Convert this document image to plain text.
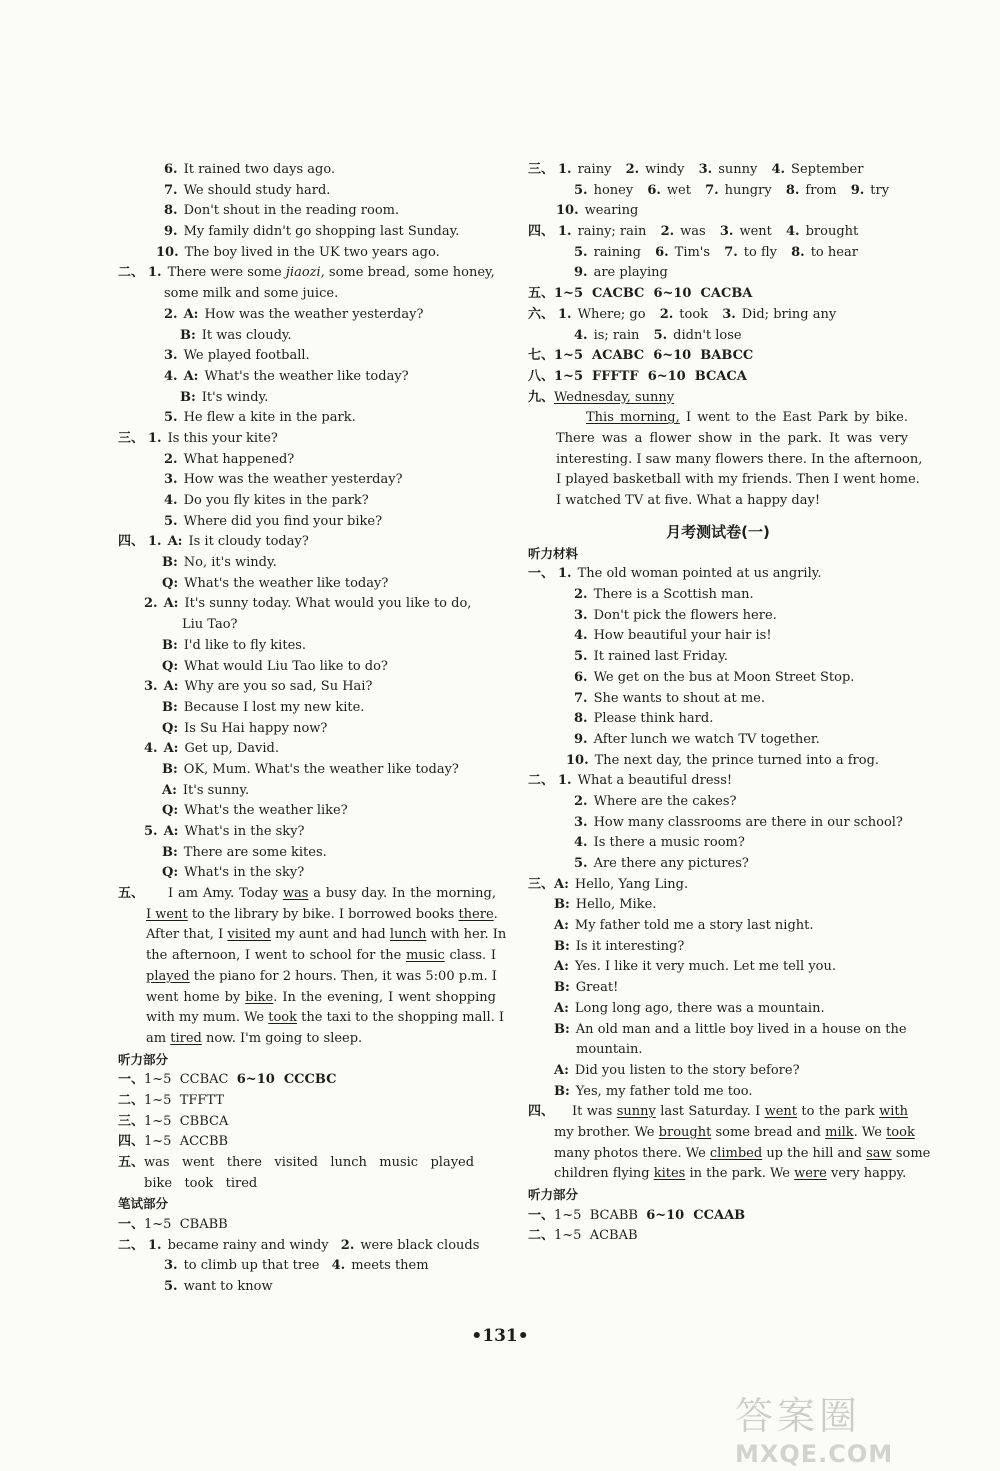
6. It rained two days ago.
7. We should study hard.
8. Don't shout in the reading room.
9. My family didn't go shopping last Sunday.
10. The boy lived in the UK two years ago.
二、 1. There were some jiaozi, some bread, some honey,
some milk and some juice.
2. A: How was the weather yesterday?
B: It was cloudy.
3. We played football.
4. A: What's the weather like today?
B: It's windy.
5. He flew a kite in the park.
三、 1. Is this your kite?
2. What happened?
3. How was the weather yesterday?
4. Do you fly kites in the park?
5. Where did you find your bike?
四、 1. A: Is it cloudy today?
B: No, it's windy.
Q: What's the weather like today?
2. A: It's sunny today. What would you like to do,
Liu Tao?
B: I'd like to fly kites.
Q: What would Liu Tao like to do?
3. A: Why are you so sad, Su Hai?
B: Because I lost my new kite.
Q: Is Su Hai happy now?
4. A: Get up, David.
B: OK, Mum. What's the weather like today?
A: It's sunny.
Q: What's the weather like?
5. A: What's in the sky?
B: There are some kites.
Q: What's in the sky?
五、 I am Amy. Today was a busy day. In the morning,
I went to the library by bike. I borrowed books there.
After that, I visited my aunt and had lunch with her. In
the afternoon, I went to school for the music class. I
played the piano for 2 hours. Then, it was 5:00 p.m. I
went home by bike. In the evening, I went shopping
with my mum. We took the taxi to the shopping mall. I
am tired now. I'm going to sleep.
听力部分
一、 1~5  CCBAC  6~10  CCCBC
二、 1~5  TFFTT
三、 1~5  CBBCA
四、 1~5  ACCBB
五、 was   went   there   visited   lunch   music   played
bike   took   tired
笔试部分
一、 1~5  CBABB
二、 1. became rainy and windy 2. were black clouds
3. to climb up that tree 4. meets them
5. want to know
三、 1. rainy 2. windy 3. sunny 4. September
5. honey 6. wet 7. hungry 8. from 9. try
10. wearing
四、 1. rainy; rain 2. was 3. went 4. brought
5. raining 6. Tim's 7. to fly 8. to hear
9. are playing
五、 1~5  CACBC  6~10  CACBA
六、 1. Where; go 2. took 3. Did; bring any
4. is; rain 5. didn't lose
七、 1~5  ACABC  6~10  BABCC
八、 1~5  FFFTF  6~10  BCACA
九、 Wednesday, sunny
This morning, I went to the East Park by bike.
There was a flower show in the park. It was very
interesting. I saw many flowers there. In the afternoon,
I played basketball with my friends. Then I went home.
I watched TV at five. What a happy day!
月考测试卷(一)
听力材料
一、 1. The old woman pointed at us angrily.
2. There is a Scottish man.
3. Don't pick the flowers here.
4. How beautiful your hair is!
5. It rained last Friday.
6. We get on the bus at Moon Street Stop.
7. She wants to shout at me.
8. Please think hard.
9. After lunch we watch TV together.
10. The next day, the prince turned into a frog.
二、 1. What a beautiful dress!
2. Where are the cakes?
3. How many classrooms are there in our school?
4. Is there a music room?
5. Are there any pictures?
三、 A: Hello, Yang Ling.
B: Hello, Mike.
A: My father told me a story last night.
B: Is it interesting?
A: Yes. I like it very much. Let me tell you.
B: Great!
A: Long long ago, there was a mountain.
B: An old man and a little boy lived in a house on the
mountain.
A: Did you listen to the story before?
B: Yes, my father told me too.
四、 It was sunny last Saturday. I went to the park with
my brother. We brought some bread and milk. We took
many photos there. We climbed up the hill and saw some
children flying kites in the park. We were very happy.
听力部分
一、 1~5  BCABB  6~10  CCAAB
二、 1~5  ACBAB
•131•
答案圈
MXQE.COM
